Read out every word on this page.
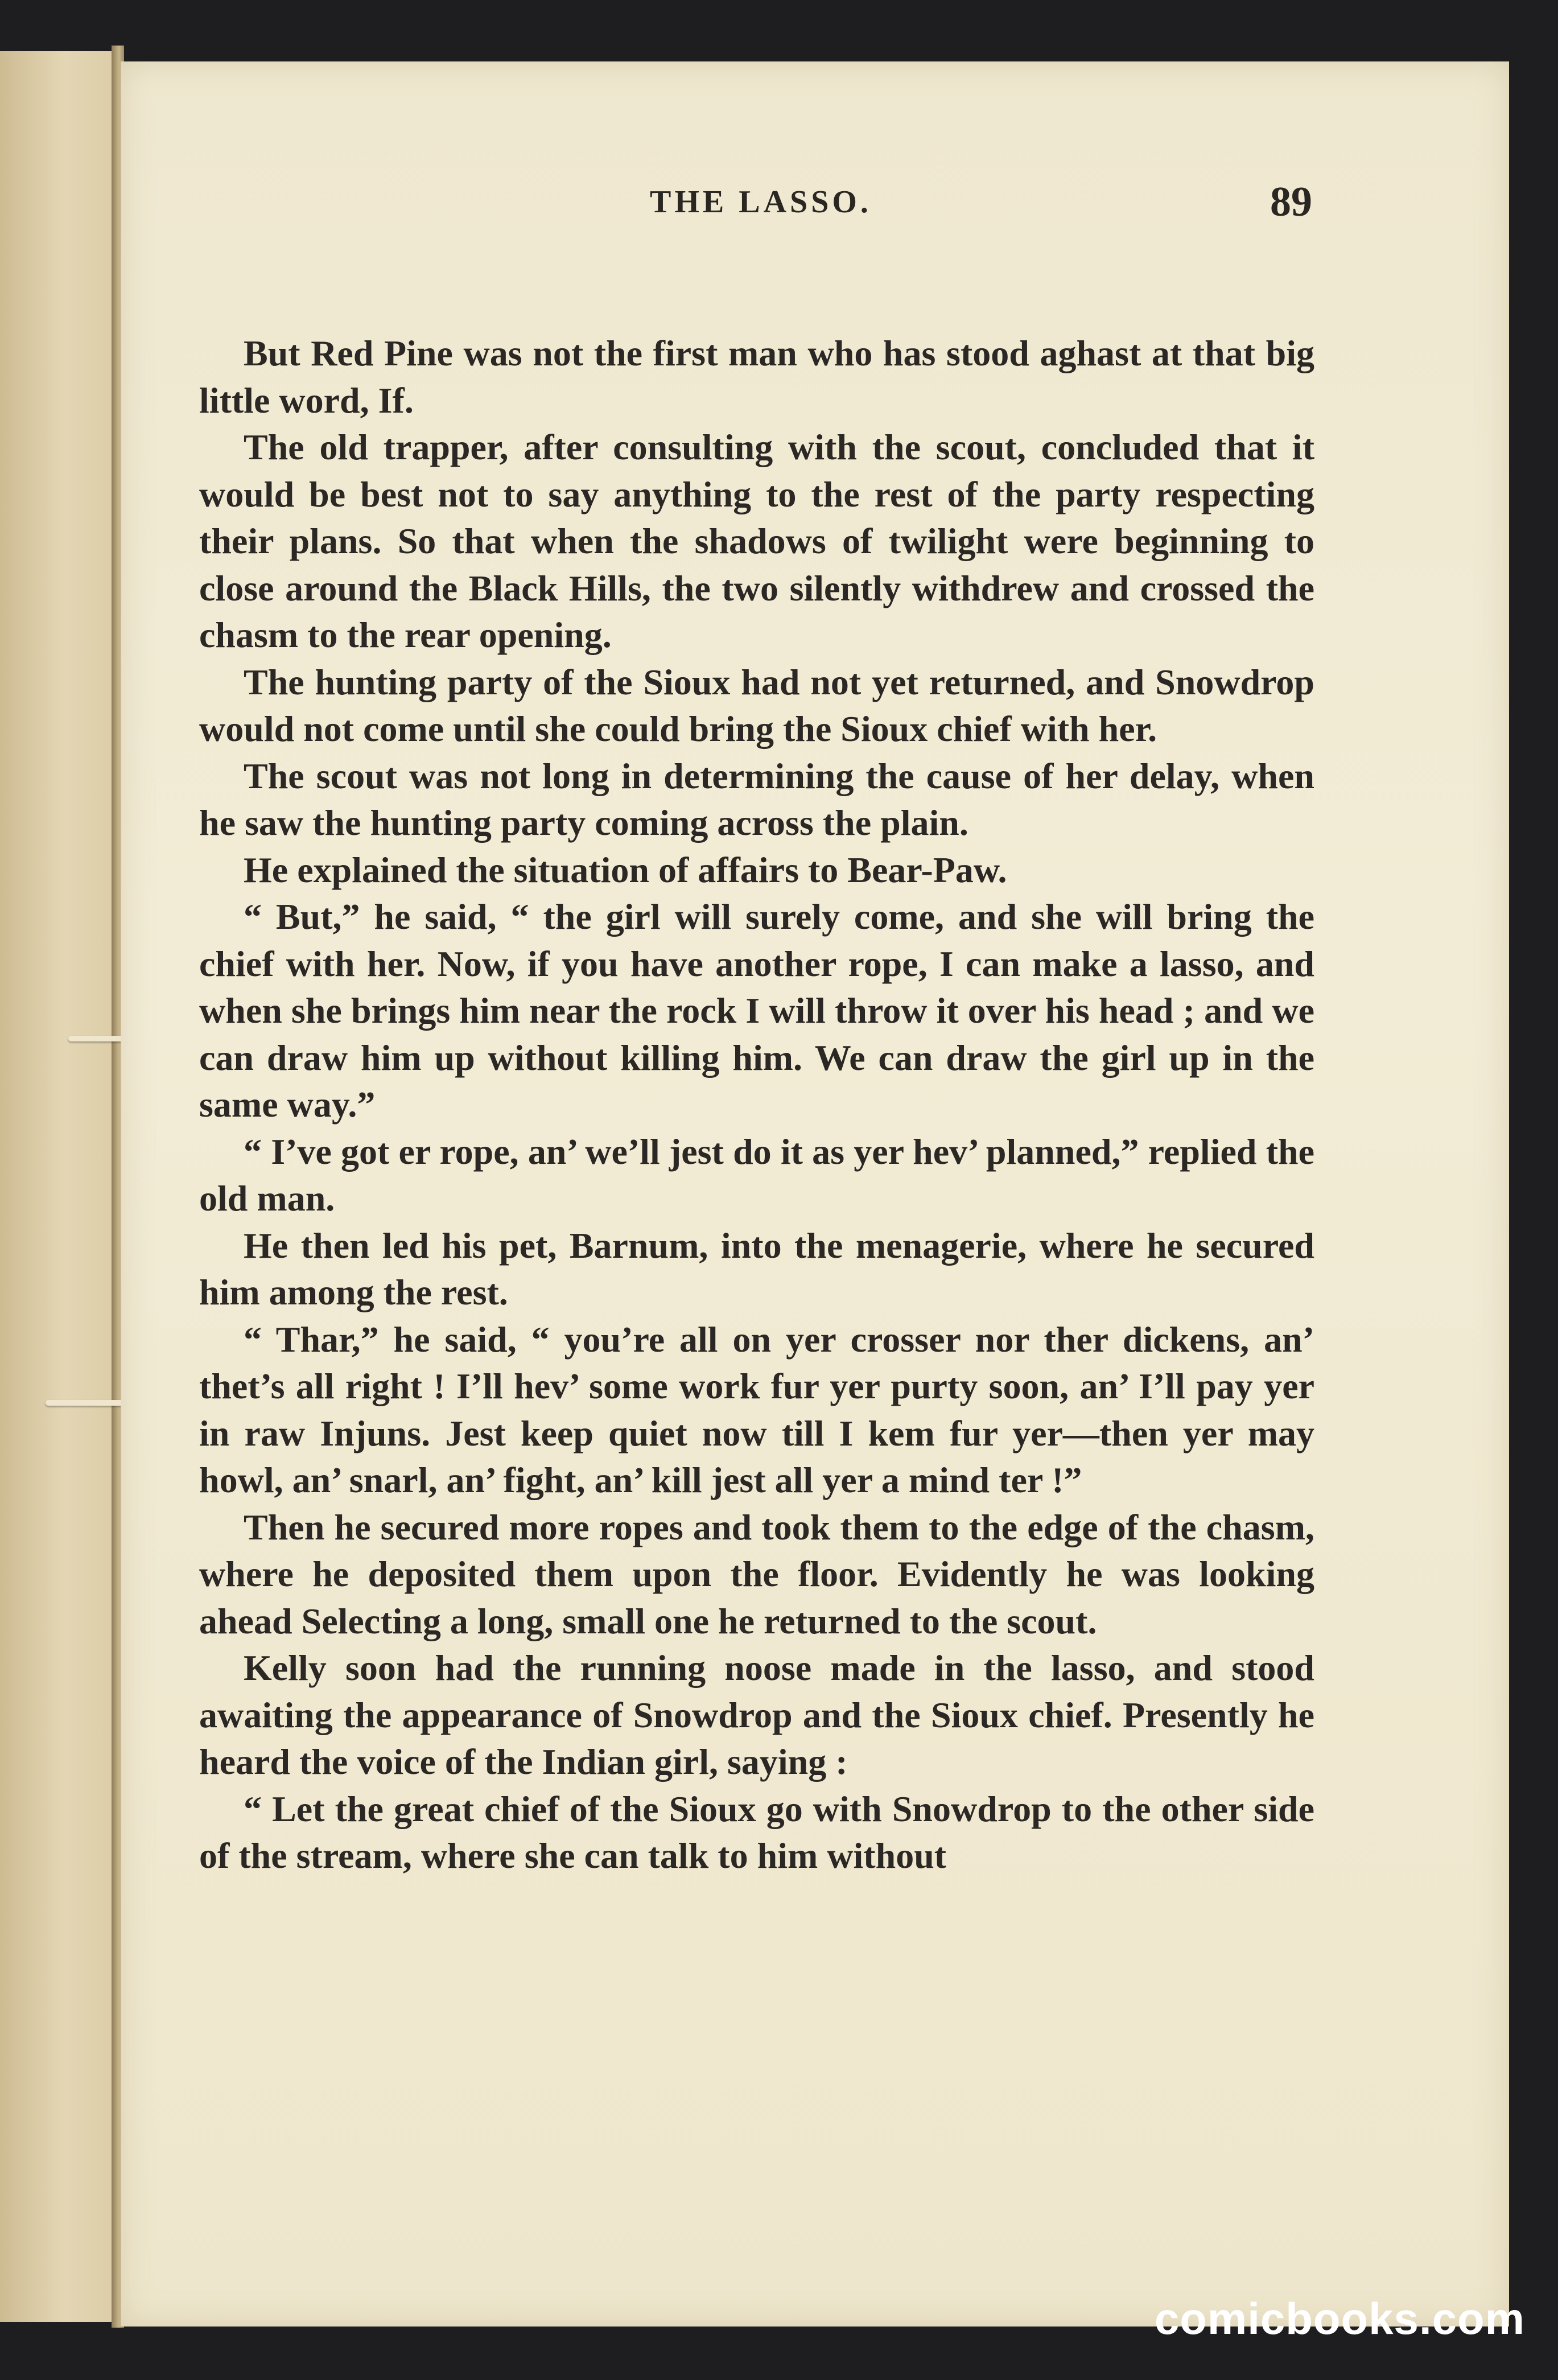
THE LASSO.	89

But Red Pine was not the first man who has stood aghast at that big little word, If.

The old trapper, after consulting with the scout, concluded that it would be best not to say anything to the rest of the party respecting their plans. So that when the shadows of twilight were beginning to close around the Black Hills, the two silently withdrew and crossed the chasm to the rear opening.

The hunting party of the Sioux had not yet returned, and Snowdrop would not come until she could bring the Sioux chief with her.

The scout was not long in determining the cause of her delay, when he saw the hunting party coming across the plain.

He explained the situation of affairs to Bear-Paw.

“ But,” he said, “ the girl will surely come, and she will bring the chief with her. Now, if you have another rope, I can make a lasso, and when she brings him near the rock I will throw it over his head ; and we can draw him up without killing him. We can draw the girl up in the same way.”

“ I’ve got er rope, an’ we’ll jest do it as yer hev’ planned,” replied the old man.

He then led his pet, Barnum, into the menagerie, where he secured him among the rest.

“ Thar,” he said, “ you’re all on yer crosser nor ther dickens, an’ thet’s all right ! I’ll hev’ some work fur yer purty soon, an’ I’ll pay yer in raw Injuns. Jest keep quiet now till I kem fur yer—then yer may howl, an’ snarl, an’ fight, an’ kill jest all yer a mind ter !”

Then he secured more ropes and took them to the edge of the chasm, where he deposited them upon the floor. Evidently he was looking ahead Selecting a long, small one he returned to the scout.

Kelly soon had the running noose made in the lasso, and stood awaiting the appearance of Snowdrop and the Sioux chief. Presently he heard the voice of the Indian girl, saying :

“ Let the great chief of the Sioux go with Snowdrop to the other side of the stream, where she can talk to him without

comicbooks.com
